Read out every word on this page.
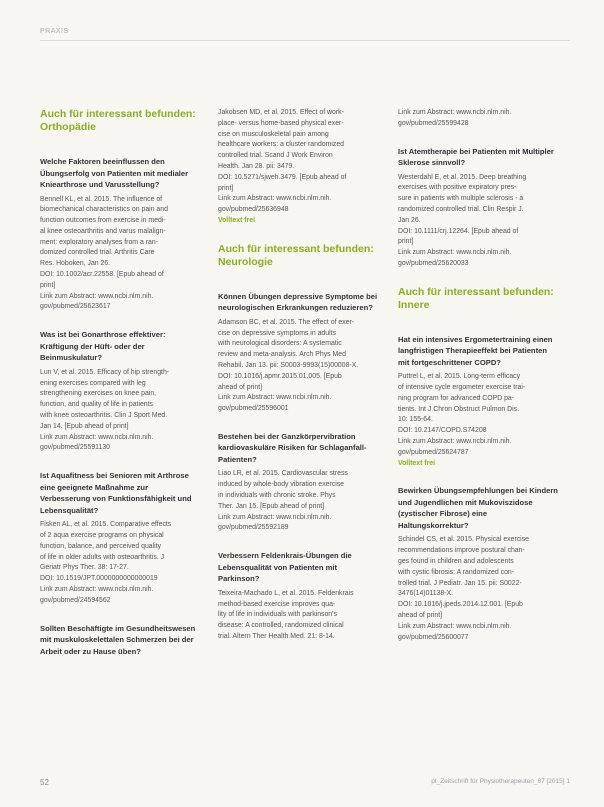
PRAXIS
Auch für interessant befunden: Orthopädie
Welche Faktoren beeinflussen den Übungserfolg von Patienten mit medialer Kniearthrose und Varusstellung?
Bennell KL, et al. 2015. The influence of
biomechanical characteristics on pain and
function outcomes from exercise in medi-
al knee osteoarthritis and varus malalign-
ment: exploratory analyses from a ran-
domized controlled trial. Arthritis Care
Res. Hoboken, Jan 26.
DOI: 10.1002/acr.22558. [Epub ahead of
print]
Link zum Abstract: www.ncbi.nlm.nih.
gov/pubmed/25623617
Was ist bei Gonarthrose effektiver: Kräftigung der Hüft- oder der Beinmuskulatur?
Lun V, et al. 2015. Efficacy of hip strength-
ening exercises compared with leg
strengthening exercises on knee pain,
function, and quality of life in patients
with knee osteoarthritis. Clin J Sport Med.
Jan 14. [Epub ahead of print]
Link zum Abstract: www.ncbi.nlm.nih.
gov/pubmed/25591130
Ist Aquafitness bei Senioren mit Arthrose eine geeignete Maßnahme zur Verbesserung von Funktionsfähigkeit und Lebensqualität?
Fisken AL, et al. 2015. Comparative effects
of 2 aqua exercise programs on physical
function, balance, and perceived quality
of life in older adults with osteoarthritis. J
Geriatr Phys Ther. 38: 17-27.
DOI: 10.1519/JPT.0000000000000019
Link zum Abstract: www.ncbi.nlm.nih.
gov/pubmed/24594562
Sollten Beschäftigte im Gesundheitswesen mit muskuloskelettalen Schmerzen bei der Arbeit oder zu Hause üben?
Jakobsen MD, et al. 2015. Effect of work-
place- versus home-based physical exer-
cise on musculoskeletal pain among
healthcare workers: a cluster randomized
controlled trial. Scand J Work Environ
Health. Jan 28. pii: 3479.
DOI: 10.5271/sjweh.3479. [Epub ahead of
print]
Link zum Abstract: www.ncbi.nlm.nih.
gov/pubmed/25636948
Volltext frei
Auch für interessant befunden: Neurologie
Können Übungen depressive Symptome bei neurologischen Erkrankungen reduzieren?
Adamson BC, et al. 2015. The effect of exer-
cise on depressive symptoms in adults
with neurological disorders: A systematic
review and meta-analysis. Arch Phys Med
Rehabil. Jan 13. pii: S0003-9993(15)00008-X.
DOI: 10.1016/j.apmr.2015.01.005. [Epub
ahead of print]
Link zum Abstract: www.ncbi.nlm.nih.
gov/pubmed/25596001
Bestehen bei der Ganzkörpervibration kardiovaskuläre Risiken für Schlaganfall-Patienten?
Liao LR, et al. 2015. Cardiovascular stress
induced by whole-body vibration exercise
in individuals with chronic stroke. Phys
Ther. Jan 15. [Epub ahead of print]
Link zum Abstract: www.ncbi.nlm.nih.
gov/pubmed/25592189
Verbessern Feldenkrais-Übungen die Lebensqualität von Patienten mit Parkinson?
Teixeira-Machado L, et al. 2015. Feldenkrais method-based exercise improves qua-
lity of life in individuals with parkinson's
disease: A controlled, randomized clinical
trial. Altern Ther Health Med. 21: 8-14.
Link zum Abstract: www.ncbi.nlm.nih.
gov/pubmed/25599428
Ist Atemtherapie bei Patienten mit Multipler Sklerose sinnvoll?
Westerdahl E, et al. 2015. Deep breathing
exercises with positive expiratory pres-
sure in patients with multiple sclerosis - a
randomized controlled trial. Clin Respir J.
Jan 26.
DOI: 10.1111/crj.12264. [Epub ahead of
print]
Link zum Abstract: www.ncbi.nlm.nih.
gov/pubmed/25620033
Auch für interessant befunden: Innere
Hat ein intensives Ergometertraining einen langfristigen Therapieeffekt bei Patienten mit fortgeschrittener COPD?
Puttrel L, et al. 2015. Long-term efficacy
of intensive cycle ergometer exercise trai-
ning program for advanced COPD pa-
tients. Int J Chron Obstruct Pulmon Dis.
10: 155-64.
DOI: 10.2147/COPD.S74208
Link zum Abstract: www.ncbi.nlm.nih.
gov/pubmed/25624787
Volltext frei
Bewirken Übungsempfehlungen bei Kindern und Jugendlichen mit Mukoviszidose (zystischer Fibrose) eine Haltungskorrektur?
Schindel CS, et al. 2015. Physical exercise
recommendations improve postural chan-
ges found in children and adolescents
with cystic fibrosis: A randomized con-
trolled trial. J Pediatr. Jan 15. pii: S0022-
3476(14)01138-X.
DOI: 10.1016/j.jpeds.2014.12.001. [Epub
ahead of print]
Link zum Abstract: www.ncbi.nlm.nih.
gov/pubmed/25600077
52	pt_Zeitschrift für Physiotherapeuten_67 [2015] 1
